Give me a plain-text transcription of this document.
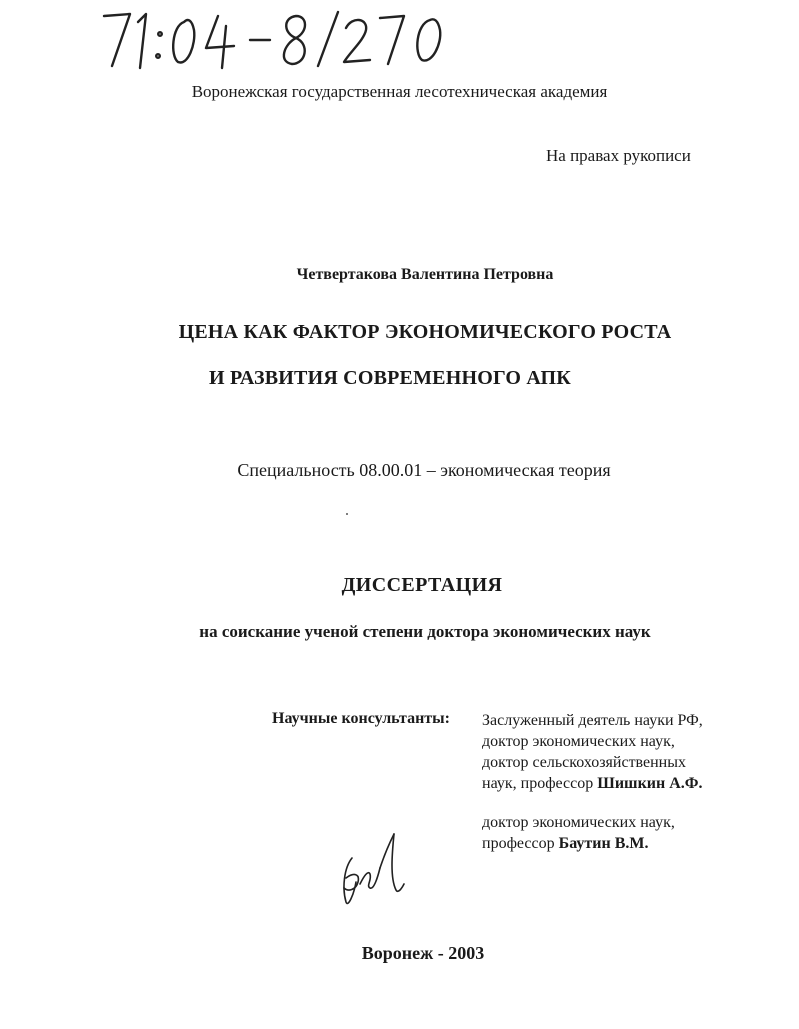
Воронежская государственная лесотехническая академия
На правах рукописи
Четвертакова Валентина Петровна
ЦЕНА КАК ФАКТОР ЭКОНОМИЧЕСКОГО РОСТА
И РАЗВИТИЯ СОВРЕМЕННОГО АПК
Специальность 08.00.01 – экономическая теория
ДИССЕРТАЦИЯ
на соискание ученой степени доктора экономических наук
Научные консультанты: Заслуженный деятель науки РФ,
доктор экономических наук,
доктор сельскохозяйственных
наук, профессор Шишкин А.Ф.
доктор экономических наук,
профессор Баутин В.М.
Воронеж - 2003
